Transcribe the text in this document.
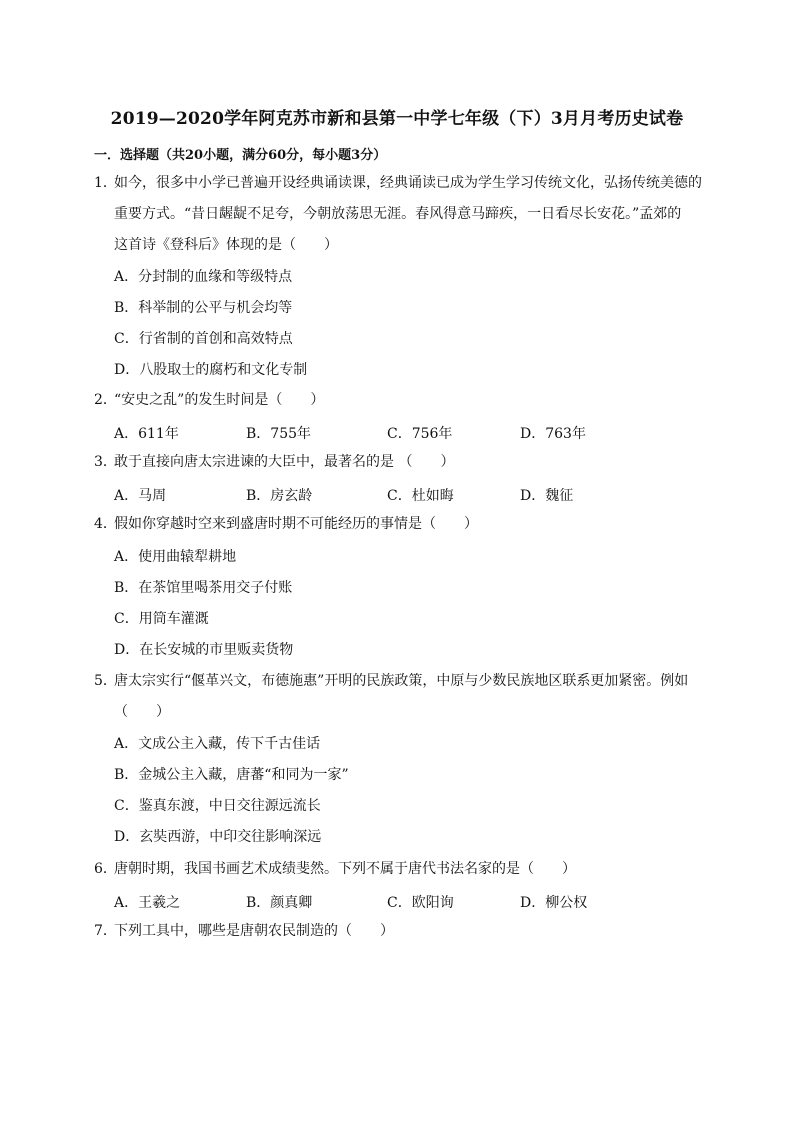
2019—2020学年阿克苏市新和县第一中学七年级（下）3月月考历史试卷
一．选择题（共20小题，满分60分，每小题3分）
1．如今，很多中小学已普遍开设经典诵读课，经典诵读已成为学生学习传统文化，弘扬传统美德的
重要方式。“昔日龌龊不足夸，今朝放荡思无涯。春风得意马蹄疾，一日看尽长安花。”孟郊的
这首诗《登科后》体现的是（　　）
A．分封制的血缘和等级特点
B．科举制的公平与机会均等
C．行省制的首创和高效特点
D．八股取士的腐朽和文化专制
2．“安史之乱”的发生时间是（　　）
A．611年	B．755年	C．756年	D．763年
3．敢于直接向唐太宗进谏的大臣中，最著名的是 （　　）
A．马周	B．房玄龄	C．杜如晦	D．魏征
4．假如你穿越时空来到盛唐时期不可能经历的事情是（　　）
A．使用曲辕犁耕地
B．在茶馆里喝茶用交子付账
C．用筒车灌溉
D．在长安城的市里贩卖货物
5．唐太宗实行“偃革兴文，布德施惠”开明的民族政策，中原与少数民族地区联系更加紧密。例如
（　　）
A．文成公主入藏，传下千古佳话
B．金城公主入藏，唐蕃“和同为一家”
C．鉴真东渡，中日交往源远流长
D．玄奘西游，中印交往影响深远
6．唐朝时期，我国书画艺术成绩斐然。下列不属于唐代书法名家的是（　　）
A．王羲之	B．颜真卿	C．欧阳询	D．柳公权
7．下列工具中，哪些是唐朝农民制造的（　　）
